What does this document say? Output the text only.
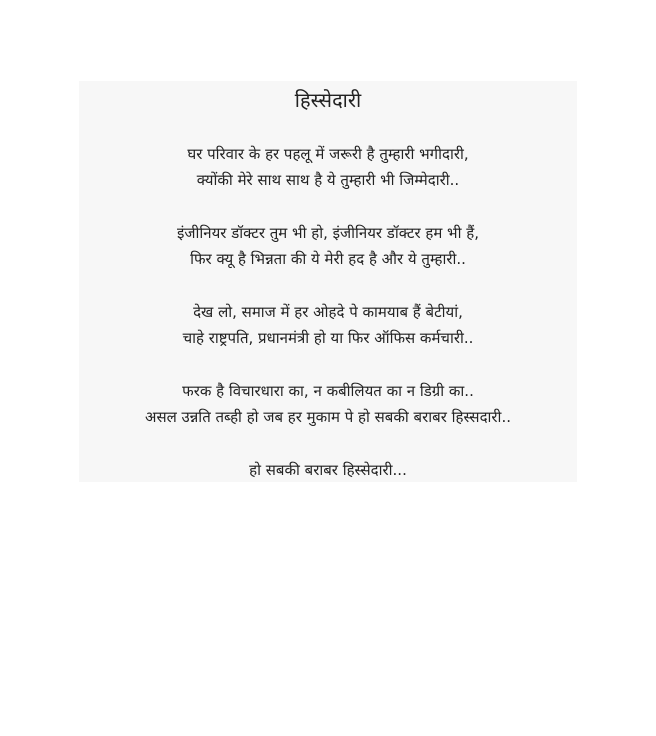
हिस्सेदारी
घर परिवार के हर पहलू में जरूरी है तुम्हारी भगीदारी,
क्योंकी मेरे साथ साथ है ये तुम्हारी भी जिम्मेदारी..
इंजीनियर डॉक्टर तुम भी हो, इंजीनियर डॉक्टर हम भी हैं,
फिर क्यू है भिन्नता की ये मेरी हद है और ये तुम्हारी..
देख लो, समाज में हर ओहदे पे कामयाब हैं बेटीयां,
चाहे राष्ट्रपति, प्रधानमंत्री हो या फिर ऑफिस कर्मचारी..
फरक है विचारधारा का, न कबीलियत का न डिग्री का..
असल उन्नति तब्ही हो जब हर मुकाम पे हो सबकी बराबर हिस्सदारी..
हो सबकी बराबर हिस्सेदारी...
